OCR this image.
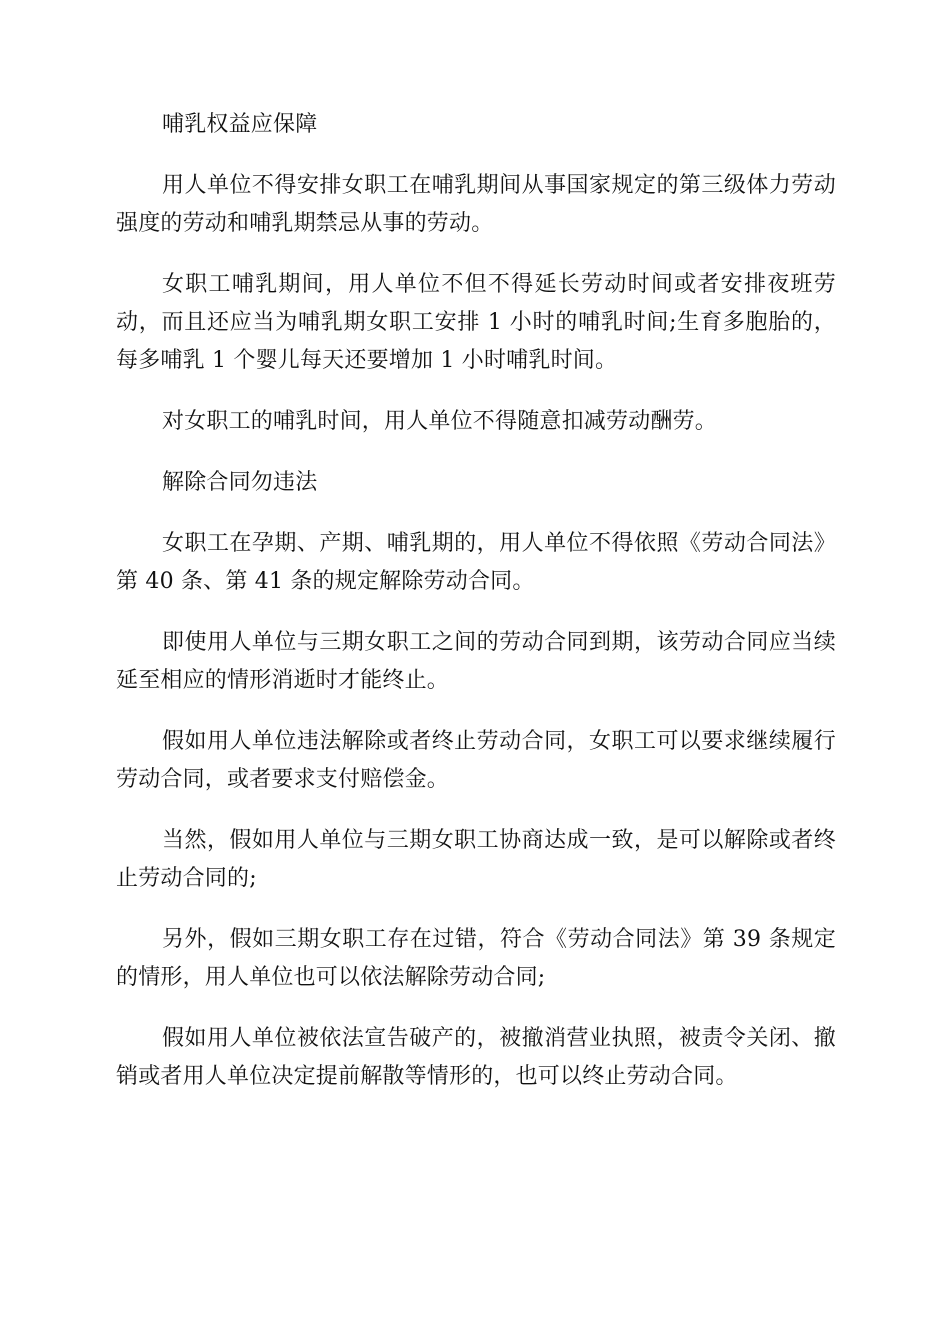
哺乳权益应保障

用人单位不得安排女职工在哺乳期间从事国家规定的第三级体力劳动强度的劳动和哺乳期禁忌从事的劳动。

女职工哺乳期间，用人单位不但不得延长劳动时间或者安排夜班劳动，而且还应当为哺乳期女职工安排 1 小时的哺乳时间;生育多胞胎的，每多哺乳 1 个婴儿每天还要增加 1 小时哺乳时间。

对女职工的哺乳时间，用人单位不得随意扣减劳动酬劳。

解除合同勿违法

女职工在孕期、产期、哺乳期的，用人单位不得依照《劳动合同法》第 40 条、第 41 条的规定解除劳动合同。

即使用人单位与三期女职工之间的劳动合同到期，该劳动合同应当续延至相应的情形消逝时才能终止。

假如用人单位违法解除或者终止劳动合同，女职工可以要求继续履行劳动合同，或者要求支付赔偿金。

当然，假如用人单位与三期女职工协商达成一致，是可以解除或者终止劳动合同的;

另外，假如三期女职工存在过错，符合《劳动合同法》第 39 条规定的情形，用人单位也可以依法解除劳动合同;

假如用人单位被依法宣告破产的，被撤消营业执照，被责令关闭、撤销或者用人单位决定提前解散等情形的，也可以终止劳动合同。
